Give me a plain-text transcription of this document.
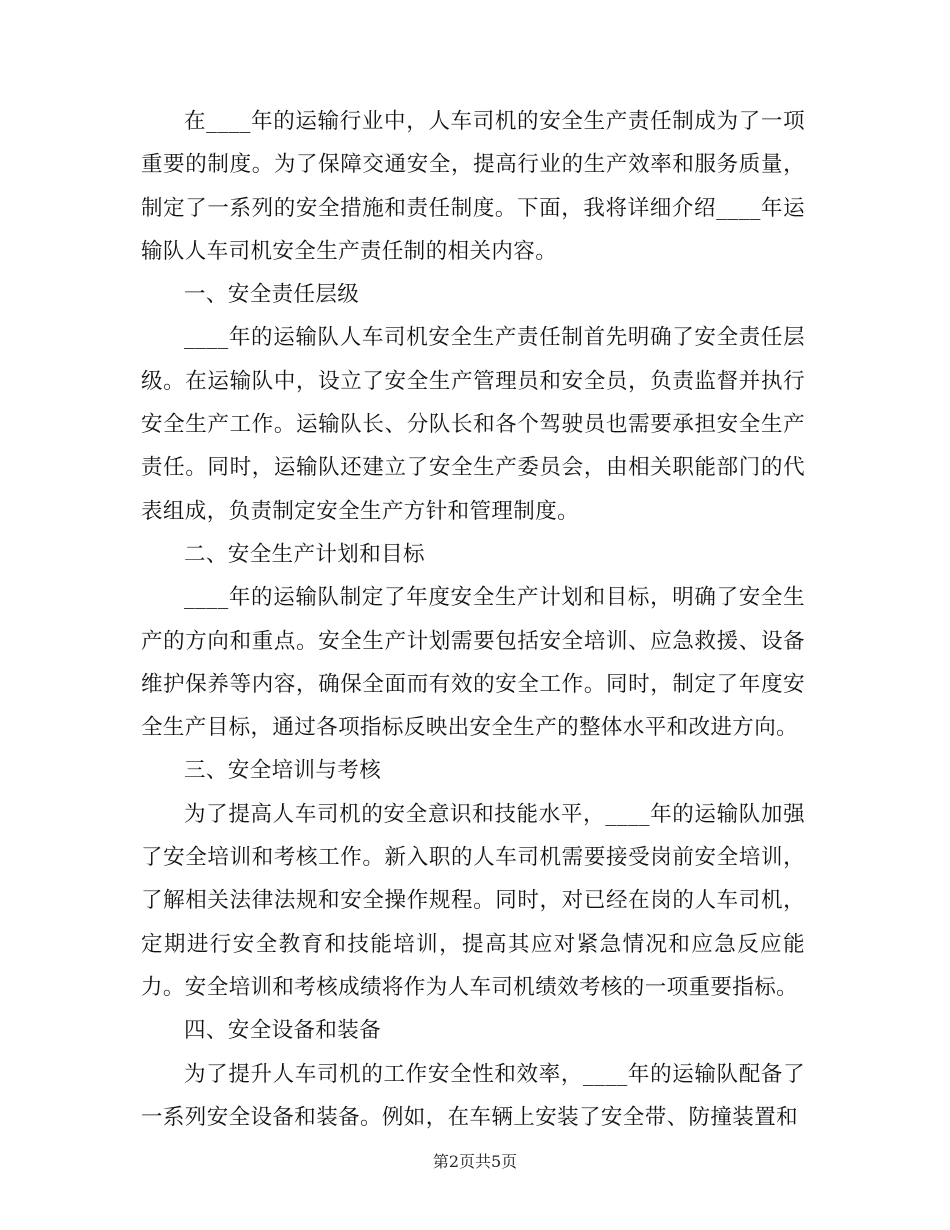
在____年的运输行业中，人车司机的安全生产责任制成为了一项重要的制度。为了保障交通安全，提高行业的生产效率和服务质量，制定了一系列的安全措施和责任制度。下面，我将详细介绍____年运输队人车司机安全生产责任制的相关内容。

一、安全责任层级

____年的运输队人车司机安全生产责任制首先明确了安全责任层级。在运输队中，设立了安全生产管理员和安全员，负责监督并执行安全生产工作。运输队长、分队长和各个驾驶员也需要承担安全生产责任。同时，运输队还建立了安全生产委员会，由相关职能部门的代表组成，负责制定安全生产方针和管理制度。

二、安全生产计划和目标

____年的运输队制定了年度安全生产计划和目标，明确了安全生产的方向和重点。安全生产计划需要包括安全培训、应急救援、设备维护保养等内容，确保全面而有效的安全工作。同时，制定了年度安全生产目标，通过各项指标反映出安全生产的整体水平和改进方向。

三、安全培训与考核

为了提高人车司机的安全意识和技能水平，____年的运输队加强了安全培训和考核工作。新入职的人车司机需要接受岗前安全培训，了解相关法律法规和安全操作规程。同时，对已经在岗的人车司机，定期进行安全教育和技能培训，提高其应对紧急情况和应急反应能力。安全培训和考核成绩将作为人车司机绩效考核的一项重要指标。

四、安全设备和装备

为了提升人车司机的工作安全性和效率，____年的运输队配备了一系列安全设备和装备。例如，在车辆上安装了安全带、防撞装置和

第2页共5页
